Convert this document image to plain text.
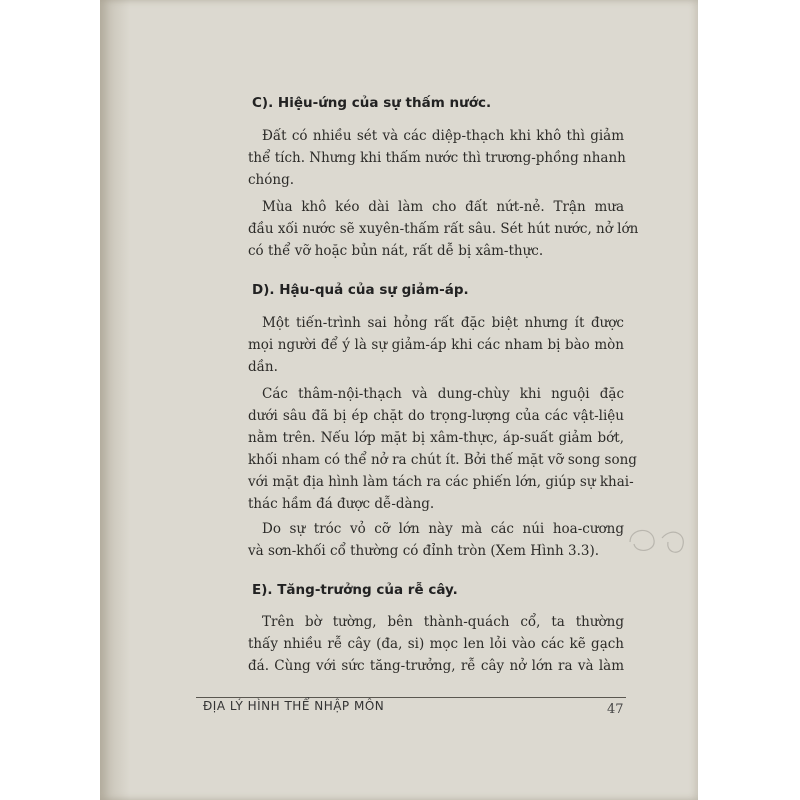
C). Hiệu-ứng của sự thấm nước.
Đất có nhiều sét và các diệp-thạch khi khô thì giảm
thể tích. Nhưng khi thấm nước thì trương-phồng nhanh
chóng.
Mùa khô kéo dài làm cho đất nứt-nẻ. Trận mưa
đầu xối nước sẽ xuyên-thấm rất sâu. Sét hút nước, nở lớn
có thể vỡ hoặc bủn nát, rất dễ bị xâm-thực.
D). Hậu-quả của sự giảm-áp.
Một tiến-trình sai hỏng rất đặc biệt nhưng ít được
mọi người để ý là sự giảm-áp khi các nham bị bào mòn
dần.
Các thâm-nội-thạch và dung-chùy khi nguội đặc
dưới sâu đã bị ép chặt do trọng-lượng của các vật-liệu
nằm trên. Nếu lớp mặt bị xâm-thực, áp-suất giảm bớt,
khối nham có thể nở ra chút ít. Bởi thế mặt vỡ song song
với mặt địa hình làm tách ra các phiến lớn, giúp sự khai-
thác hầm đá được dễ-dàng.
Do sự tróc vỏ cỡ lớn này mà các núi hoa-cương
và sơn-khối cổ thường có đỉnh tròn (Xem Hình 3.3).
E). Tăng-trưởng của rễ cây.
Trên bờ tường, bên thành-quách cổ, ta thường
thấy nhiều rễ cây (đa, si) mọc len lỏi vào các kẽ gạch
đá. Cùng với sức tăng-trưởng, rễ cây nở lớn ra và làm
ĐỊA LÝ HÌNH THỂ NHẬP MÔN	47
